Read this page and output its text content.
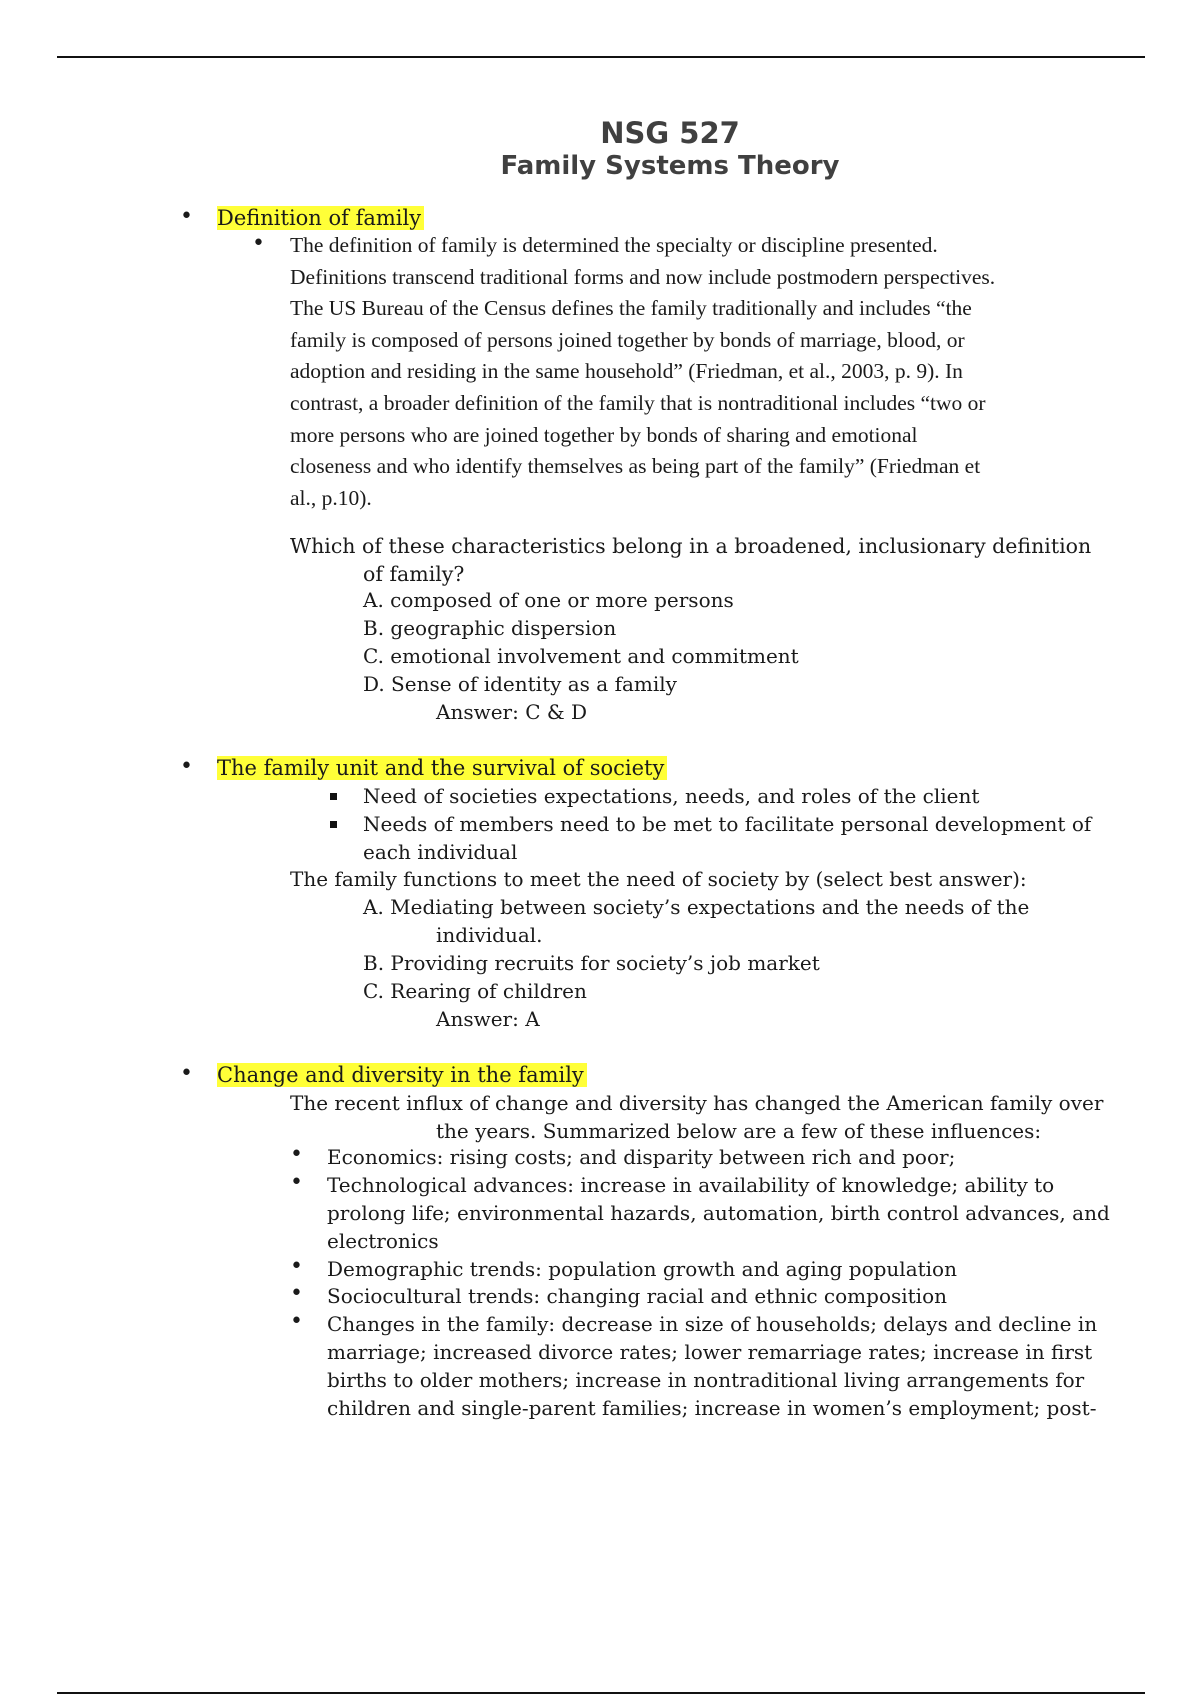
NSG 527
Family Systems Theory
• Definition of family
• The definition of family is determined the specialty or discipline presented.
Definitions transcend traditional forms and now include postmodern perspectives.
The US Bureau of the Census defines the family traditionally and includes “the
family is composed of persons joined together by bonds of marriage, blood, or
adoption and residing in the same household” (Friedman, et al., 2003, p. 9). In
contrast, a broader definition of the family that is nontraditional includes “two or
more persons who are joined together by bonds of sharing and emotional
closeness and who identify themselves as being part of the family” (Friedman et
al., p.10).
Which of these characteristics belong in a broadened, inclusionary definition
of family?
A. composed of one or more persons
B. geographic dispersion
C. emotional involvement and commitment
D. Sense of identity as a family
Answer: C & D
• The family unit and the survival of society
Need of societies expectations, needs, and roles of the client
Needs of members need to be met to facilitate personal development of
each individual
The family functions to meet the need of society by (select best answer):
A. Mediating between society’s expectations and the needs of the
individual.
B. Providing recruits for society’s job market
C. Rearing of children
Answer: A
• Change and diversity in the family
The recent influx of change and diversity has changed the American family over
the years. Summarized below are a few of these influences:
• Economics: rising costs; and disparity between rich and poor;
• Technological advances: increase in availability of knowledge; ability to
prolong life; environmental hazards, automation, birth control advances, and
electronics
• Demographic trends: population growth and aging population
• Sociocultural trends: changing racial and ethnic composition
• Changes in the family: decrease in size of households; delays and decline in
marriage; increased divorce rates; lower remarriage rates; increase in first
births to older mothers; increase in nontraditional living arrangements for
children and single-parent families; increase in women’s employment; post-
